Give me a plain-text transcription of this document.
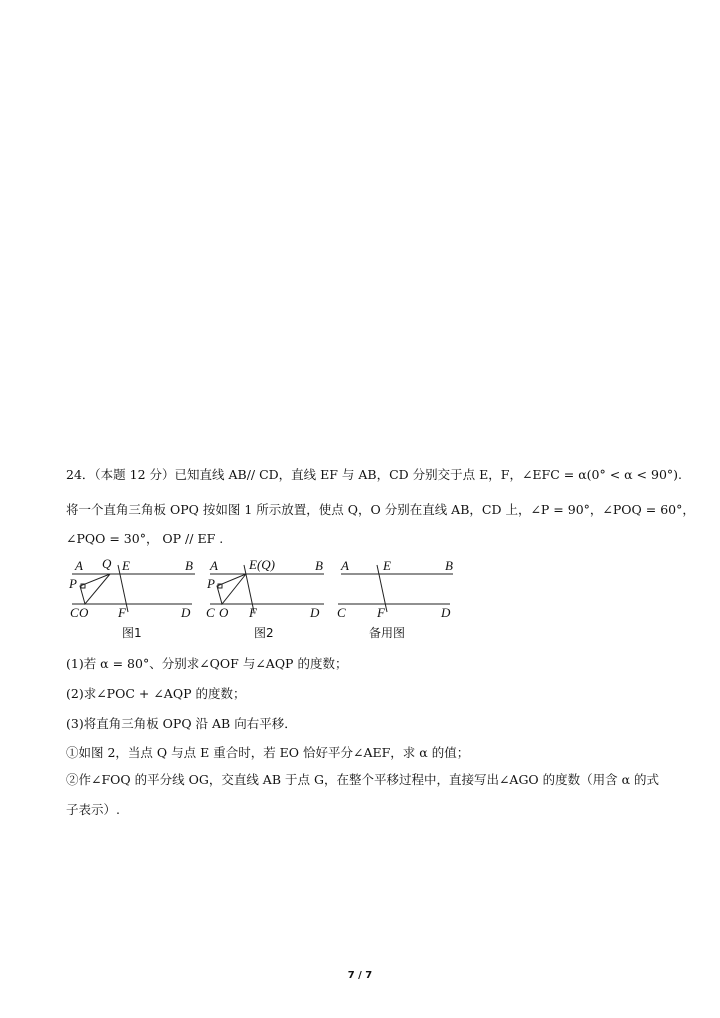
24．（本题 12 分）已知直线 AB// CD，直线 EF 与 AB，CD 分别交于点 E，F，∠EFC = α(0° < α < 90°).
将一个直角三角板 OPQ 按如图 1 所示放置，使点 Q，O 分别在直线 AB，CD 上，∠P = 90°，∠POQ = 60°，
∠PQO = 30°， OP // EF .
A Q E	B
P
C O F	D
图1
A E(Q)	B
P
C O F	D
图2
A	E	B
C F	D
备用图
(1)若 α = 80°、分别求∠QOF 与∠AQP 的度数；
(2)求∠POC + ∠AQP 的度数；
(3)将直角三角板 OPQ 沿 AB 向右平移．
①如图 2，当点 Q 与点 E 重合时，若 EO 恰好平分∠AEF，求 α 的值；
②作∠FOQ 的平分线 OG，交直线 AB 于点 G，在整个平移过程中，直接写出∠AGO 的度数（用含 α 的式
子表示）.
7 / 7
